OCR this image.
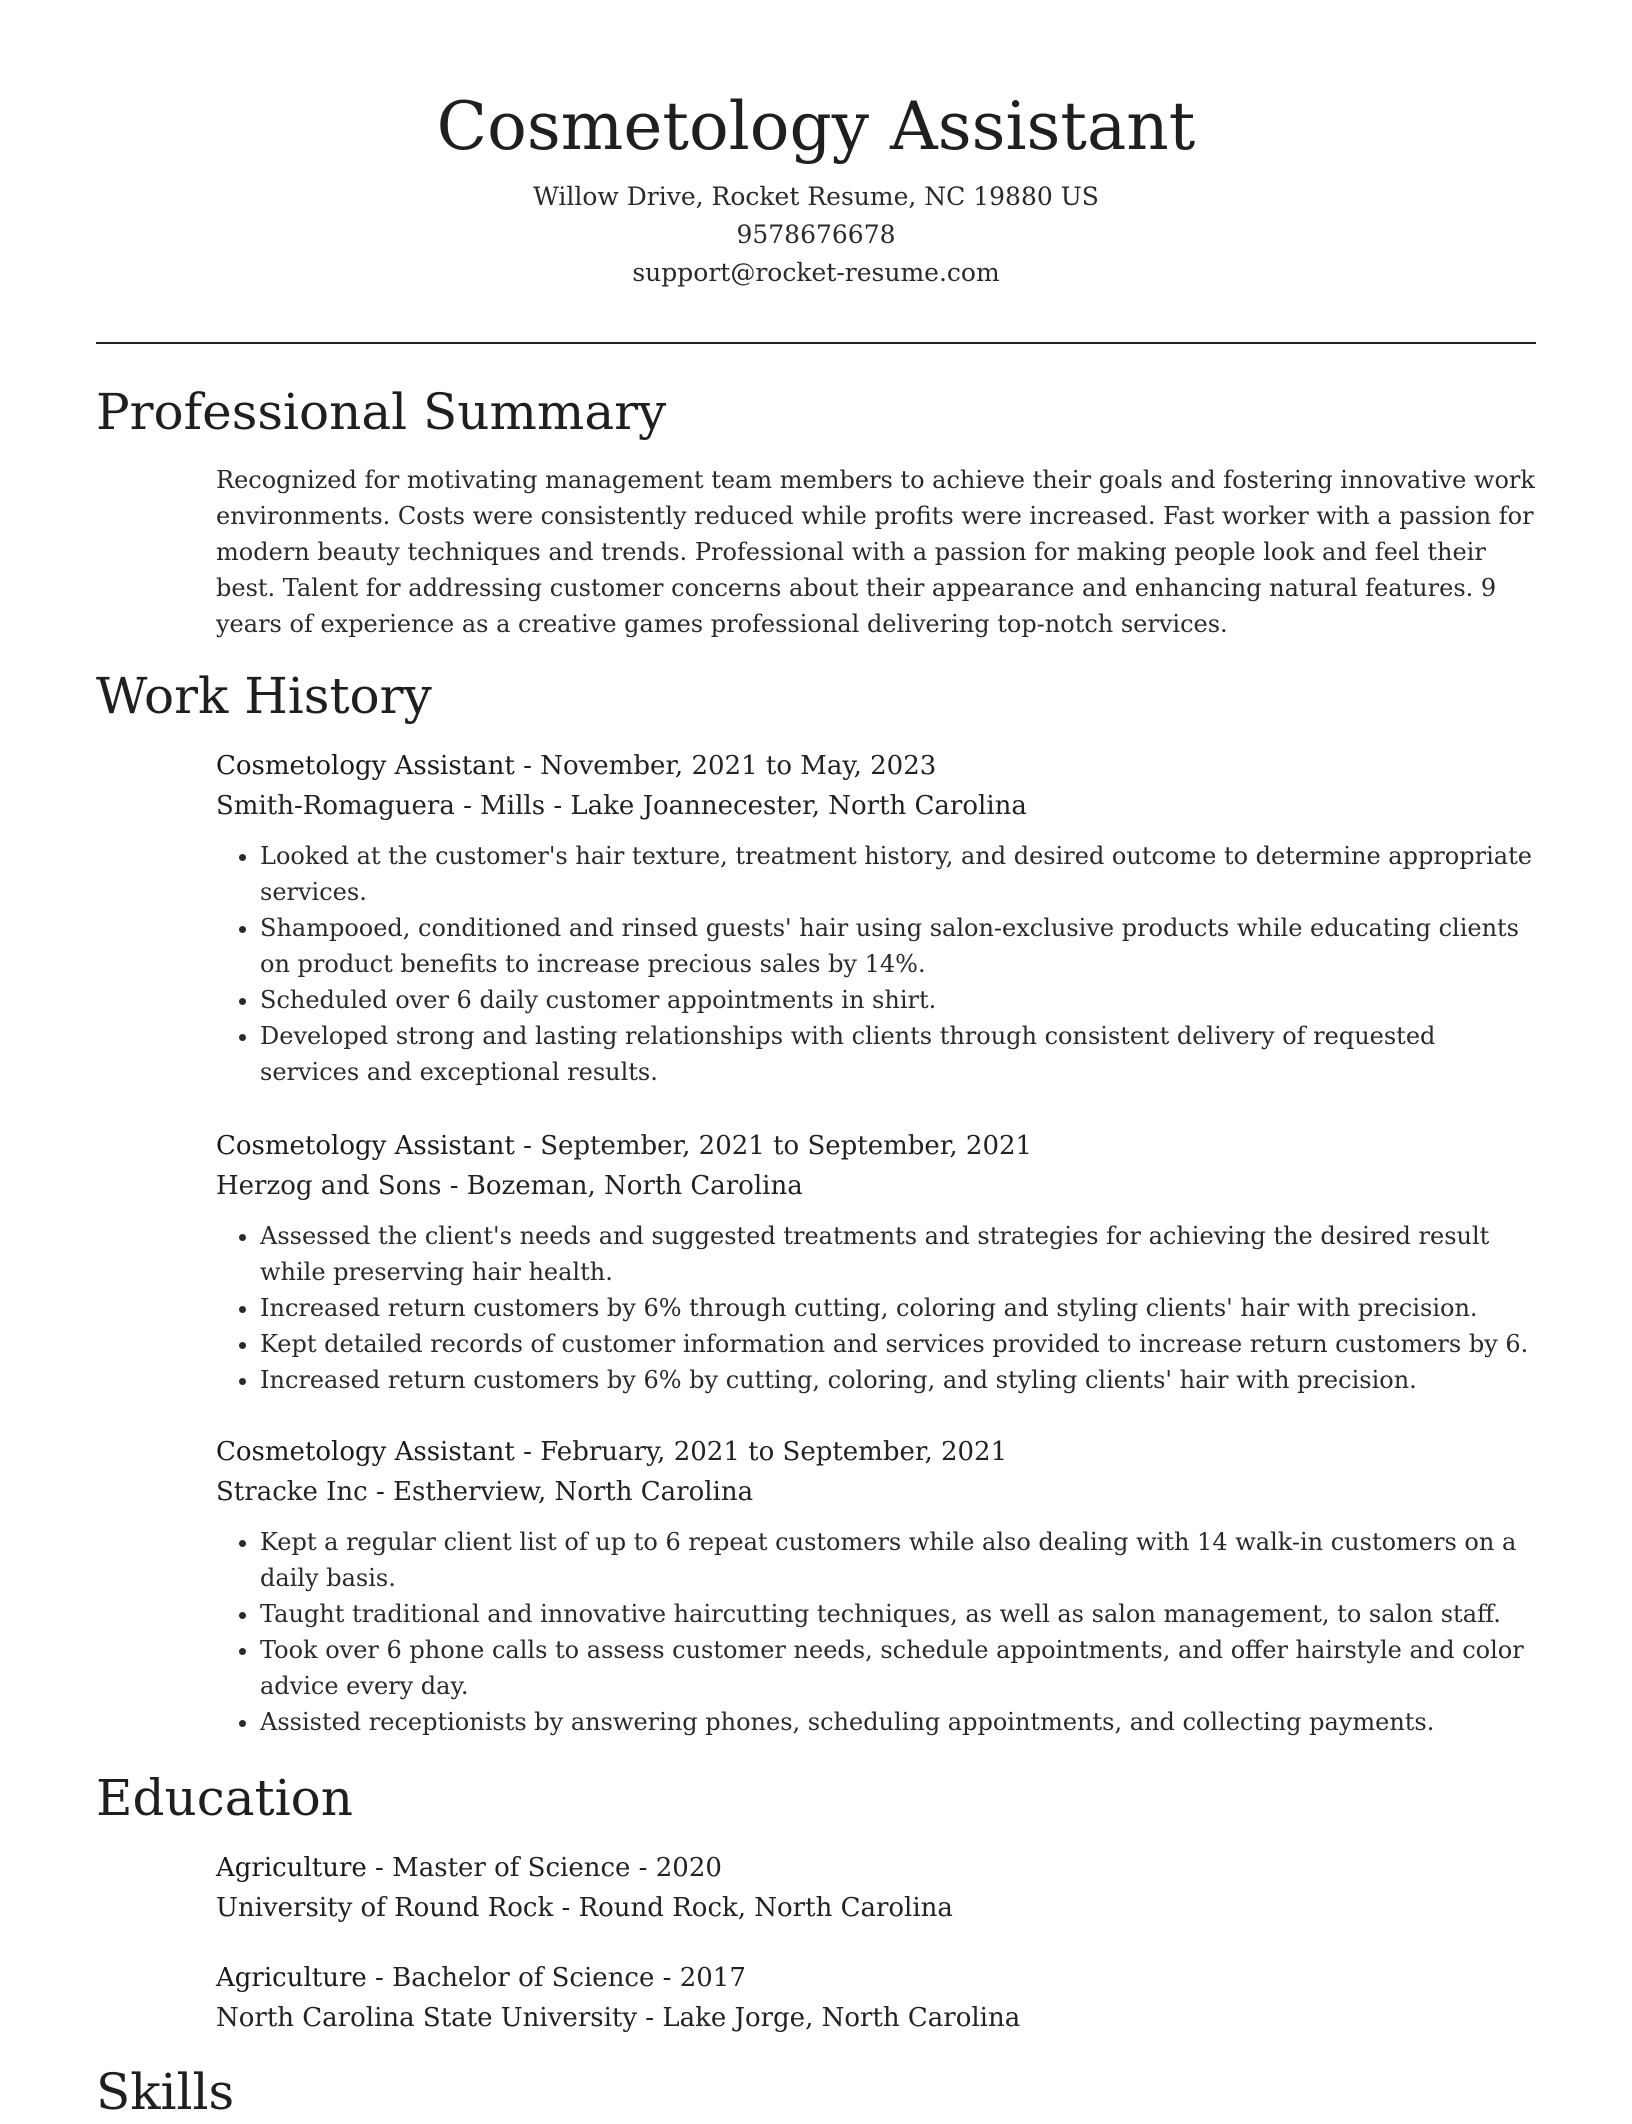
Cosmetology Assistant
Willow Drive, Rocket Resume, NC 19880 US
9578676678
support@rocket-resume.com
Professional Summary

Recognized for motivating management team members to achieve their goals and fostering innovative work environments. Costs were consistently reduced while profits were increased. Fast worker with a passion for modern beauty techniques and trends. Professional with a passion for making people look and feel their best. Talent for addressing customer concerns about their appearance and enhancing natural features. 9 years of experience as a creative games professional delivering top-notch services.

Work History
Cosmetology Assistant - November, 2021 to May, 2023
Smith-Romaguera - Mills - Lake Joannecester, North Carolina
• Looked at the customer's hair texture, treatment history, and desired outcome to determine appropriate services.
• Shampooed, conditioned and rinsed guests' hair using salon-exclusive products while educating clients on product benefits to increase precious sales by 14%.
• Scheduled over 6 daily customer appointments in shirt.
• Developed strong and lasting relationships with clients through consistent delivery of requested services and exceptional results.
Cosmetology Assistant - September, 2021 to September, 2021
Herzog and Sons - Bozeman, North Carolina
• Assessed the client's needs and suggested treatments and strategies for achieving the desired result while preserving hair health.
• Increased return customers by 6% through cutting, coloring and styling clients' hair with precision.
• Kept detailed records of customer information and services provided to increase return customers by 6.
• Increased return customers by 6% by cutting, coloring, and styling clients' hair with precision.
Cosmetology Assistant - February, 2021 to September, 2021
Stracke Inc - Estherview, North Carolina
• Kept a regular client list of up to 6 repeat customers while also dealing with 14 walk-in customers on a daily basis.
• Taught traditional and innovative haircutting techniques, as well as salon management, to salon staff.
• Took over 6 phone calls to assess customer needs, schedule appointments, and offer hairstyle and color advice every day.
• Assisted receptionists by answering phones, scheduling appointments, and collecting payments.
Education
Agriculture - Master of Science - 2020
University of Round Rock - Round Rock, North Carolina
Agriculture - Bachelor of Science - 2017
North Carolina State University - Lake Jorge, North Carolina
Skills
